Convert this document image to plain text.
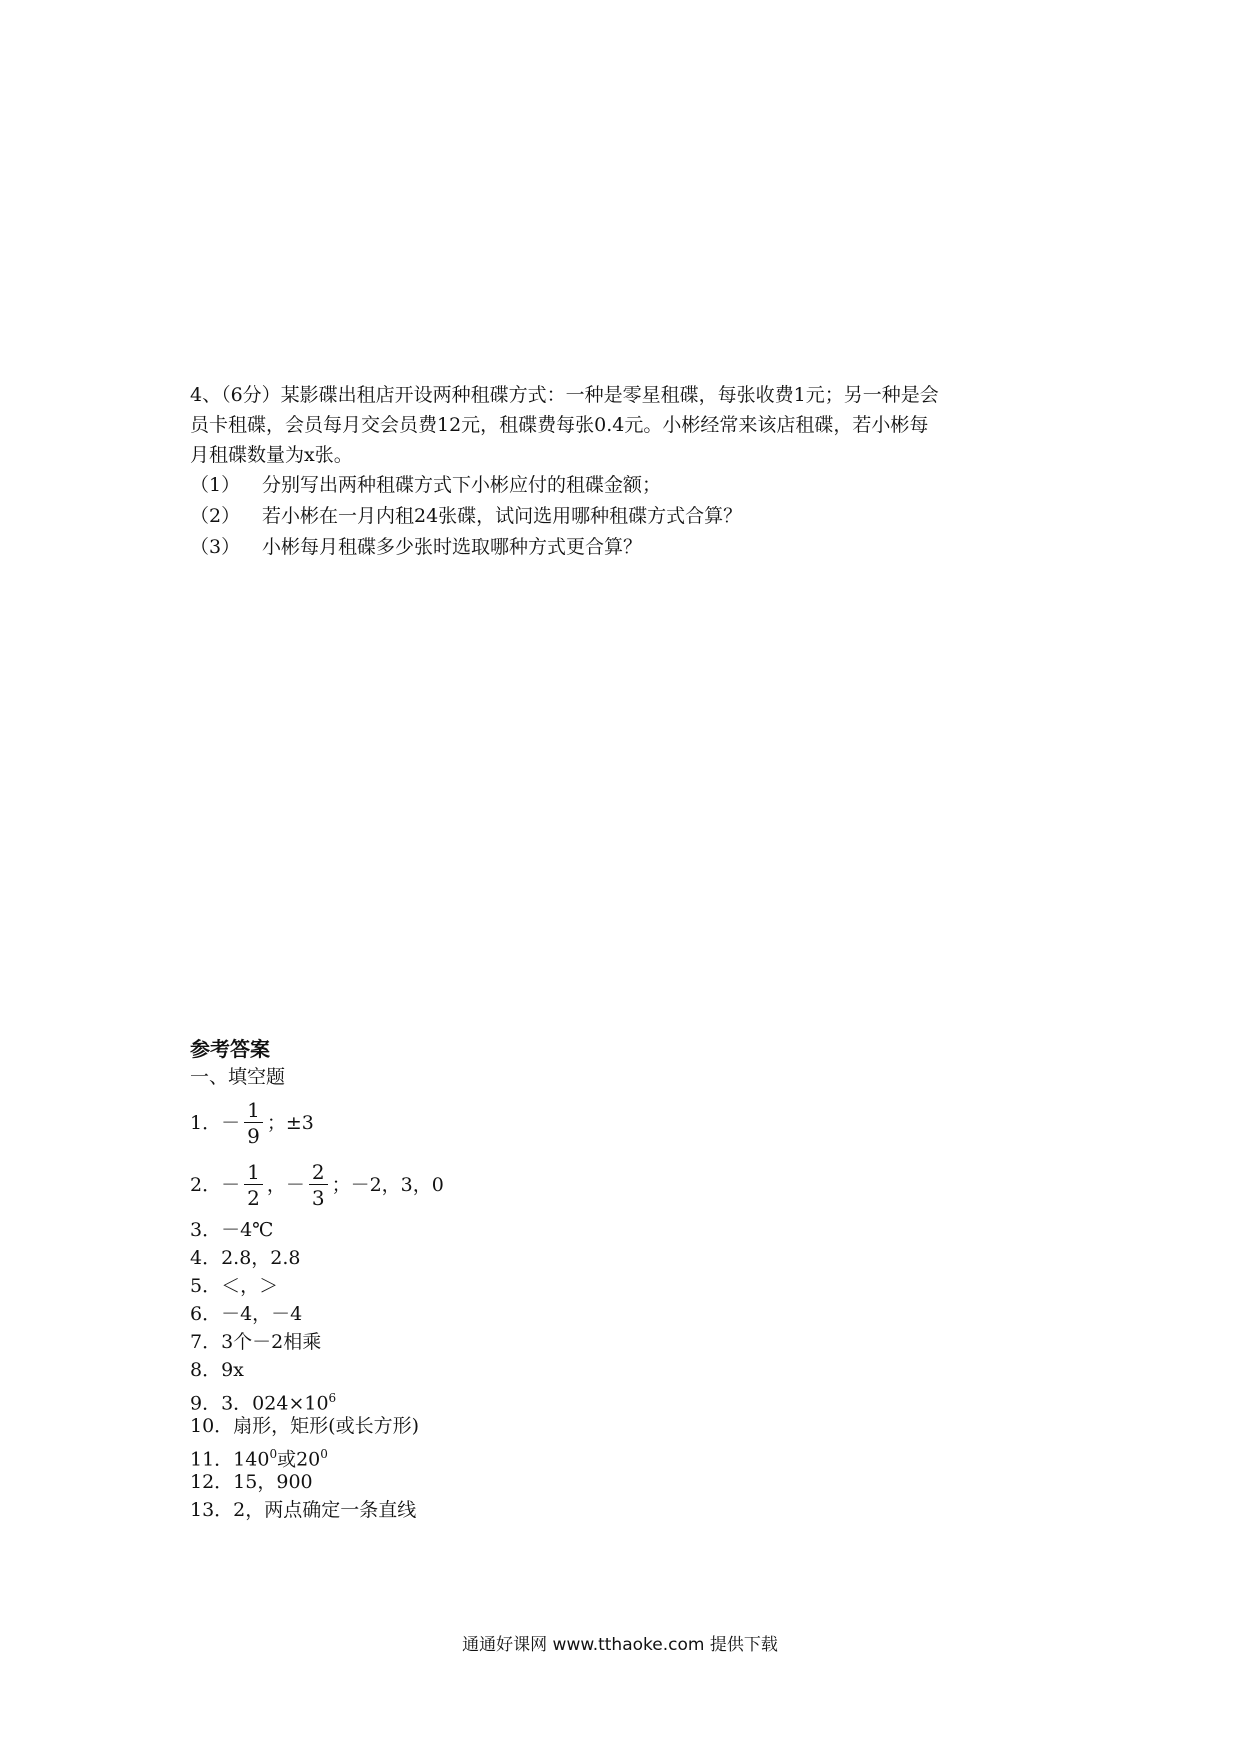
4、（6分）某影碟出租店开设两种租碟方式：一种是零星租碟，每张收费1元；另一种是会
员卡租碟，会员每月交会员费12元，租碟费每张0.4元。小彬经常来该店租碟，若小彬每
月租碟数量为x张。
（1） 分别写出两种租碟方式下小彬应付的租碟金额；
（2） 若小彬在一月内租24张碟，试问选用哪种租碟方式合算？
（3） 小彬每月租碟多少张时选取哪种方式更合算？
参考答案
一、填空题
1．－ $\frac{1}{9}$ ；±3
2．－ $\frac{1}{2}$ ，－ $\frac{2}{3}$ ；－2，3，0
3．－4℃
4．2.8，2.8
5．＜，＞
6．－4，－4
7．3个－2相乘
8．9x
9．3．$024\times 10^6$
10．扇形，矩形(或长方形)
11．$140^0$或$20^0$
12．15，900
13．2，两点确定一条直线
通通好课网 www.tthaoke.com 提供下载
